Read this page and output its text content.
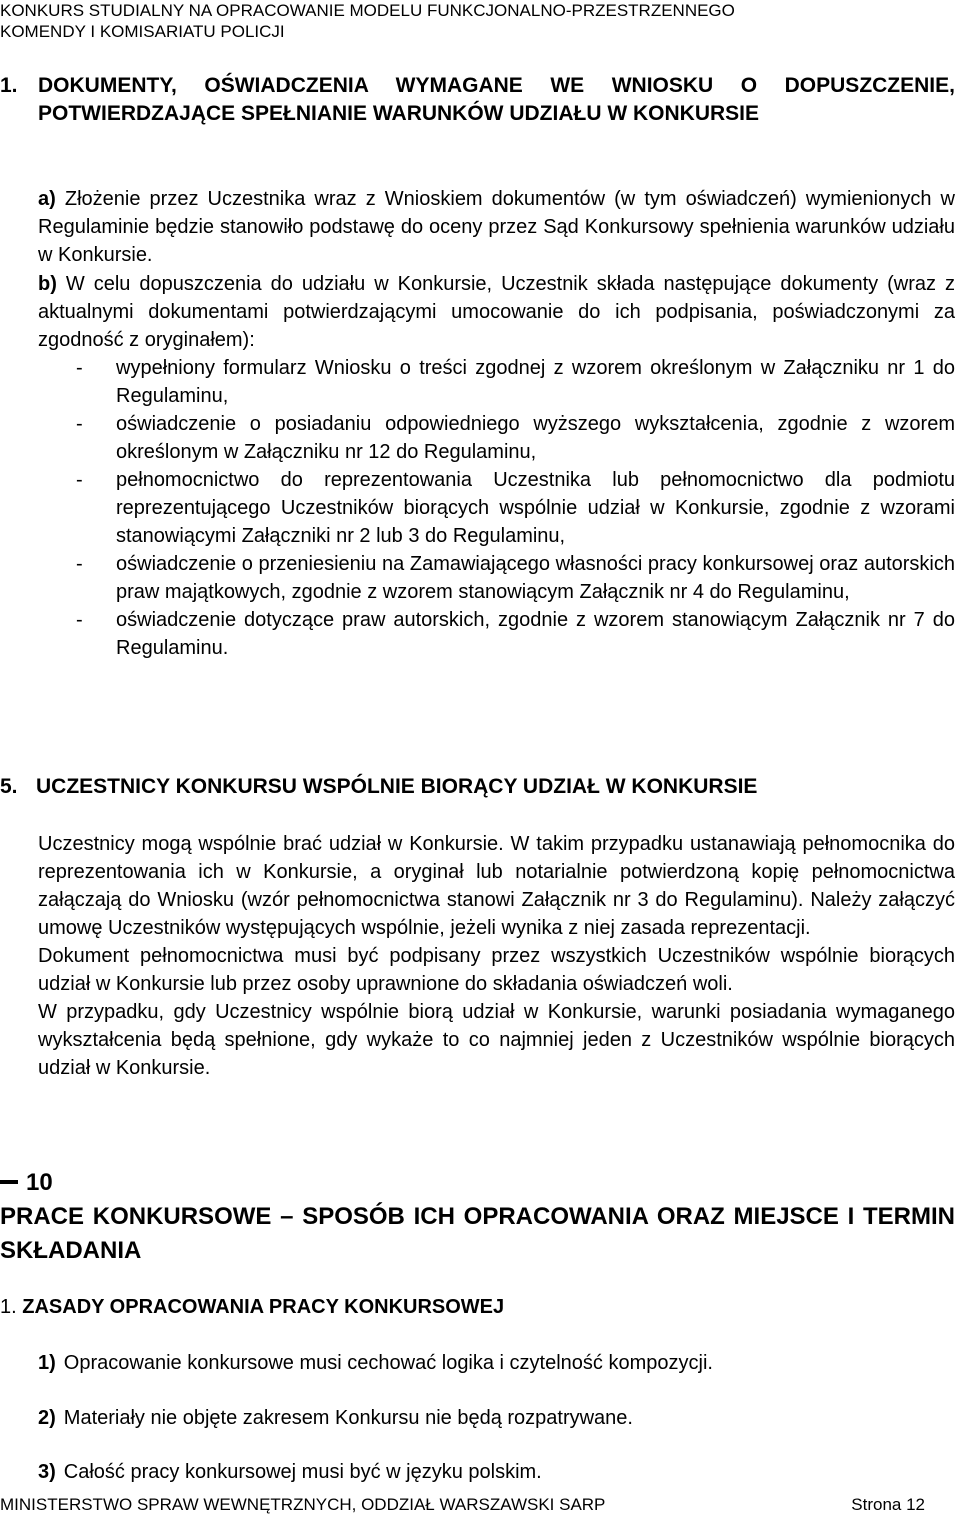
KONKURS STUDIALNY NA OPRACOWANIE MODELU FUNKCJONALNO-PRZESTRZENNEGO
KOMENDY I KOMISARIATU POLICJI
1. DOKUMENTY, OŚWIADCZENIA WYMAGANE WE WNIOSKU O DOPUSZCZENIE, POTWIERDZAJĄCE SPEŁNIANIE WARUNKÓW UDZIAŁU W KONKURSIE
a) Złożenie przez Uczestnika wraz z Wnioskiem dokumentów (w tym oświadczeń) wymienionych w Regulaminie będzie stanowiło podstawę do oceny przez Sąd Konkursowy spełnienia warunków udziału w Konkursie.
b) W celu dopuszczenia do udziału w Konkursie, Uczestnik składa następujące dokumenty (wraz z aktualnymi dokumentami potwierdzającymi umocowanie do ich podpisania, poświadczonymi za zgodność z oryginałem):
- wypełniony formularz Wniosku o treści zgodnej z wzorem określonym w Załączniku nr 1 do Regulaminu,
- oświadczenie o posiadaniu odpowiedniego wyższego wykształcenia, zgodnie z wzorem określonym w Załączniku nr 12 do Regulaminu,
- pełnomocnictwo do reprezentowania Uczestnika lub pełnomocnictwo dla podmiotu reprezentującego Uczestników biorących wspólnie udział w Konkursie, zgodnie z wzorami stanowiącymi Załączniki nr 2 lub 3 do Regulaminu,
- oświadczenie o przeniesieniu na Zamawiającego własności pracy konkursowej oraz autorskich praw majątkowych, zgodnie z wzorem stanowiącym Załącznik nr 4 do Regulaminu,
- oświadczenie dotyczące praw autorskich, zgodnie z wzorem stanowiącym Załącznik nr 7 do Regulaminu.
5. UCZESTNICY KONKURSU WSPÓLNIE BIORĄCY UDZIAŁ W KONKURSIE
Uczestnicy mogą wspólnie brać udział w Konkursie. W takim przypadku ustanawiają pełnomocnika do reprezentowania ich w Konkursie, a oryginał lub notarialnie potwierdzoną kopię pełnomocnictwa załączają do Wniosku (wzór pełnomocnictwa stanowi Załącznik nr 3 do Regulaminu). Należy załączyć umowę Uczestników występujących wspólnie, jeżeli wynika z niej zasada reprezentacji.
Dokument pełnomocnictwa musi być podpisany przez wszystkich Uczestników wspólnie biorących udział w Konkursie lub przez osoby uprawnione do składania oświadczeń woli.
W przypadku, gdy Uczestnicy wspólnie biorą udział w Konkursie, warunki posiadania wymaganego wykształcenia będą spełnione, gdy wykaże to co najmniej jeden z Uczestników wspólnie biorących udział w Konkursie.
10
PRACE KONKURSOWE – SPOSÓB ICH OPRACOWANIA ORAZ MIEJSCE I TERMIN SKŁADANIA
1. ZASADY OPRACOWANIA PRACY KONKURSOWEJ
1) Opracowanie konkursowe musi cechować logika i czytelność kompozycji.
2) Materiały nie objęte zakresem Konkursu nie będą rozpatrywane.
3) Całość pracy konkursowej musi być w języku polskim.
MINISTERSTWO SPRAW WEWNĘTRZNYCH, ODDZIAŁ WARSZAWSKI SARP	Strona 12
